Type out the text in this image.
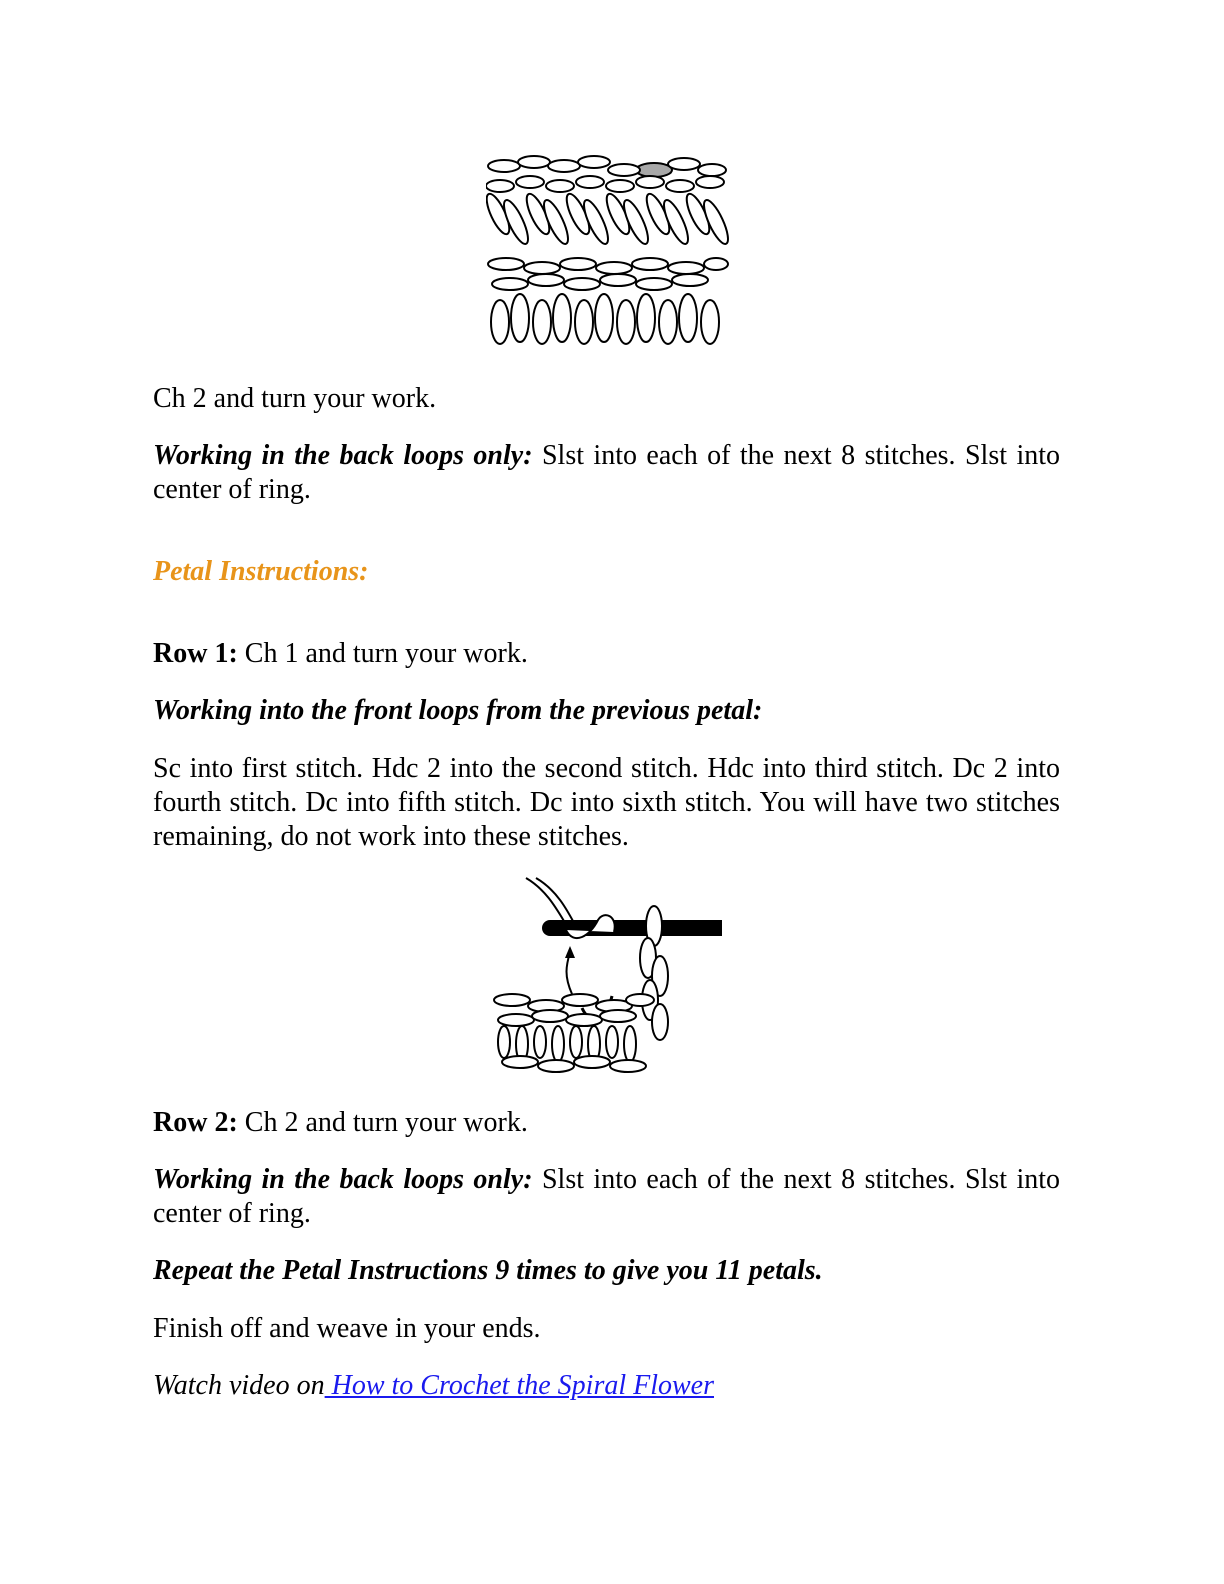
Ch 2 and turn your work.

Working in the back loops only: Slst into each of the next 8 stitches. Slst into center of ring.

Petal Instructions:

Row 1: Ch 1 and turn your work.

Working into the front loops from the previous petal:

Sc into first stitch. Hdc 2 into the second stitch. Hdc into third stitch. Dc 2 into fourth stitch. Dc into fifth stitch. Dc into sixth stitch. You will have two stitches remaining, do not work into these stitches.

Row 2: Ch 2 and turn your work.

Working in the back loops only: Slst into each of the next 8 stitches. Slst into center of ring.

Repeat the Petal Instructions 9 times to give you 11 petals.

Finish off and weave in your ends.

Watch video on How to Crochet the Spiral Flower
